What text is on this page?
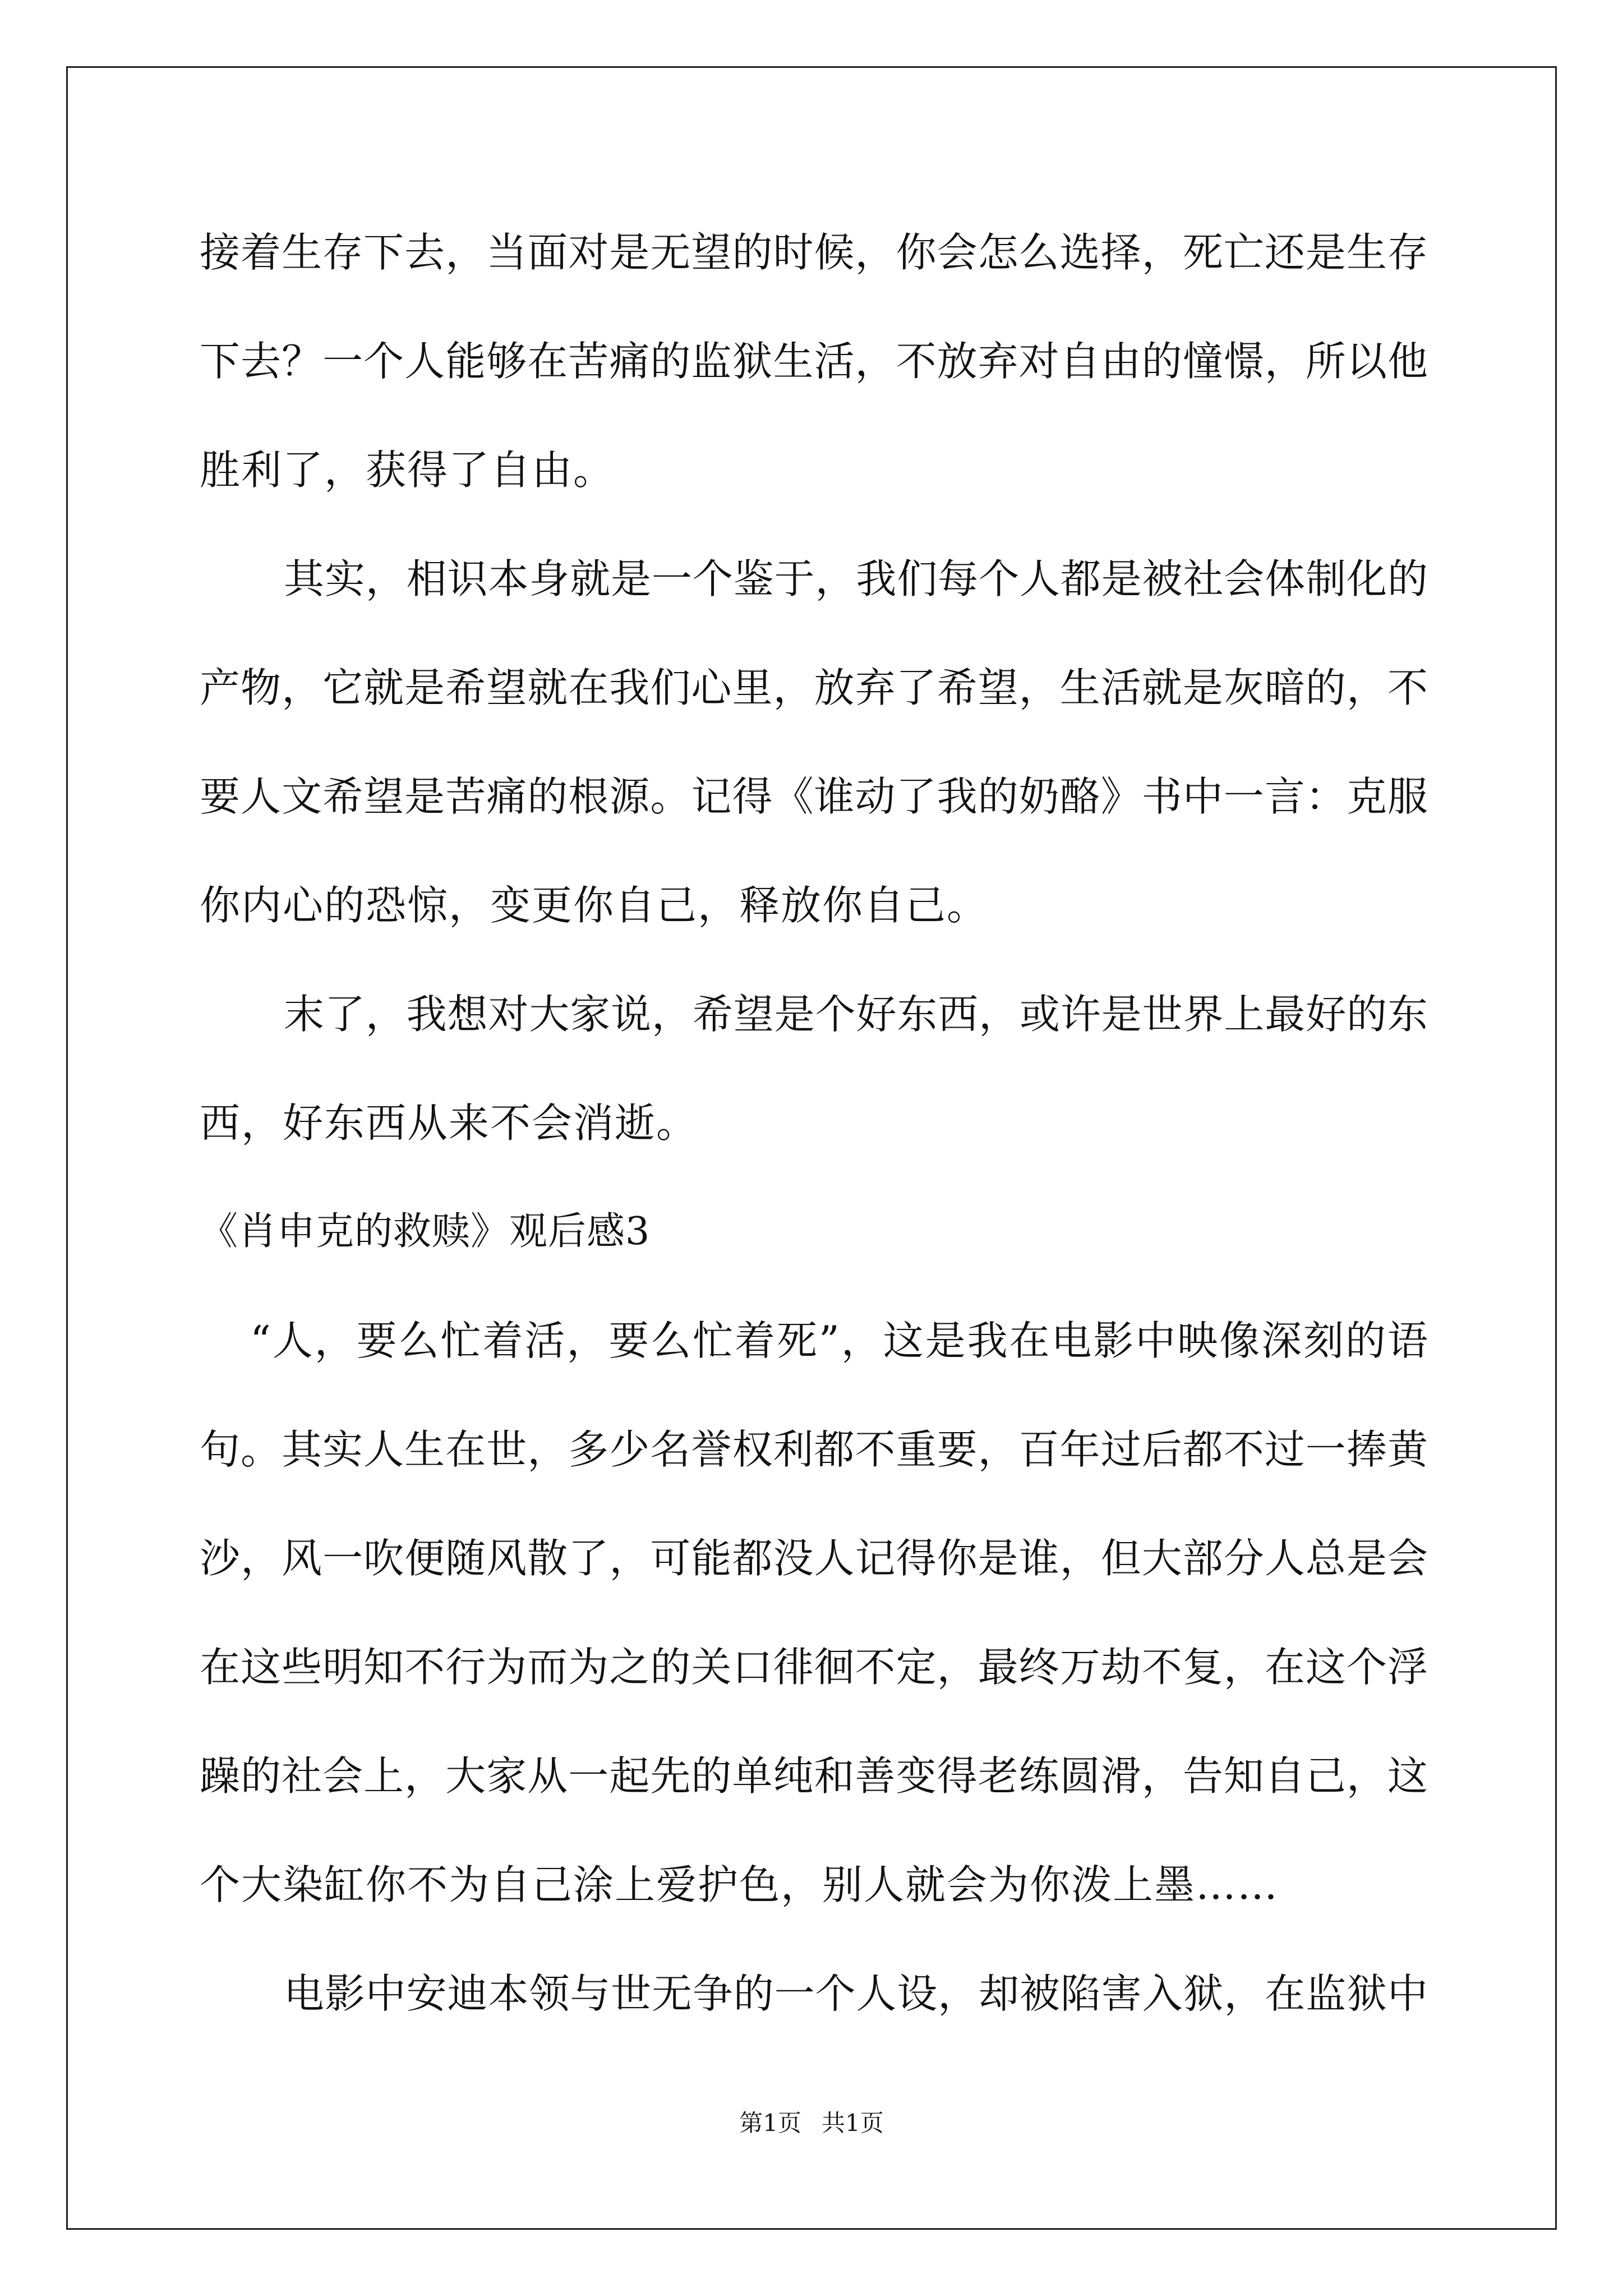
接着生存下去，当面对是无望的时候，你会怎么选择，死亡还是生存
下去？一个人能够在苦痛的监狱生活，不放弃对自由的憧憬，所以他
胜利了，获得了自由。
其实，相识本身就是一个鉴于，我们每个人都是被社会体制化的
产物，它就是希望就在我们心里，放弃了希望，生活就是灰暗的，不
要人文希望是苦痛的根源。记得《谁动了我的奶酪》书中一言：克服
你内心的恐惊，变更你自己，释放你自己。
末了，我想对大家说，希望是个好东西，或许是世界上最好的东
西，好东西从来不会消逝。
《肖申克的救赎》观后感3
“人，要么忙着活，要么忙着死”，这是我在电影中映像深刻的语
句。其实人生在世，多少名誉权利都不重要，百年过后都不过一捧黄
沙，风一吹便随风散了，可能都没人记得你是谁，但大部分人总是会
在这些明知不行为而为之的关口徘徊不定，最终万劫不复，在这个浮
躁的社会上，大家从一起先的单纯和善变得老练圆滑，告知自己，这
个大染缸你不为自己涂上爱护色，别人就会为你泼上墨……
电影中安迪本领与世无争的一个人设，却被陷害入狱，在监狱中
第1页 共1页
